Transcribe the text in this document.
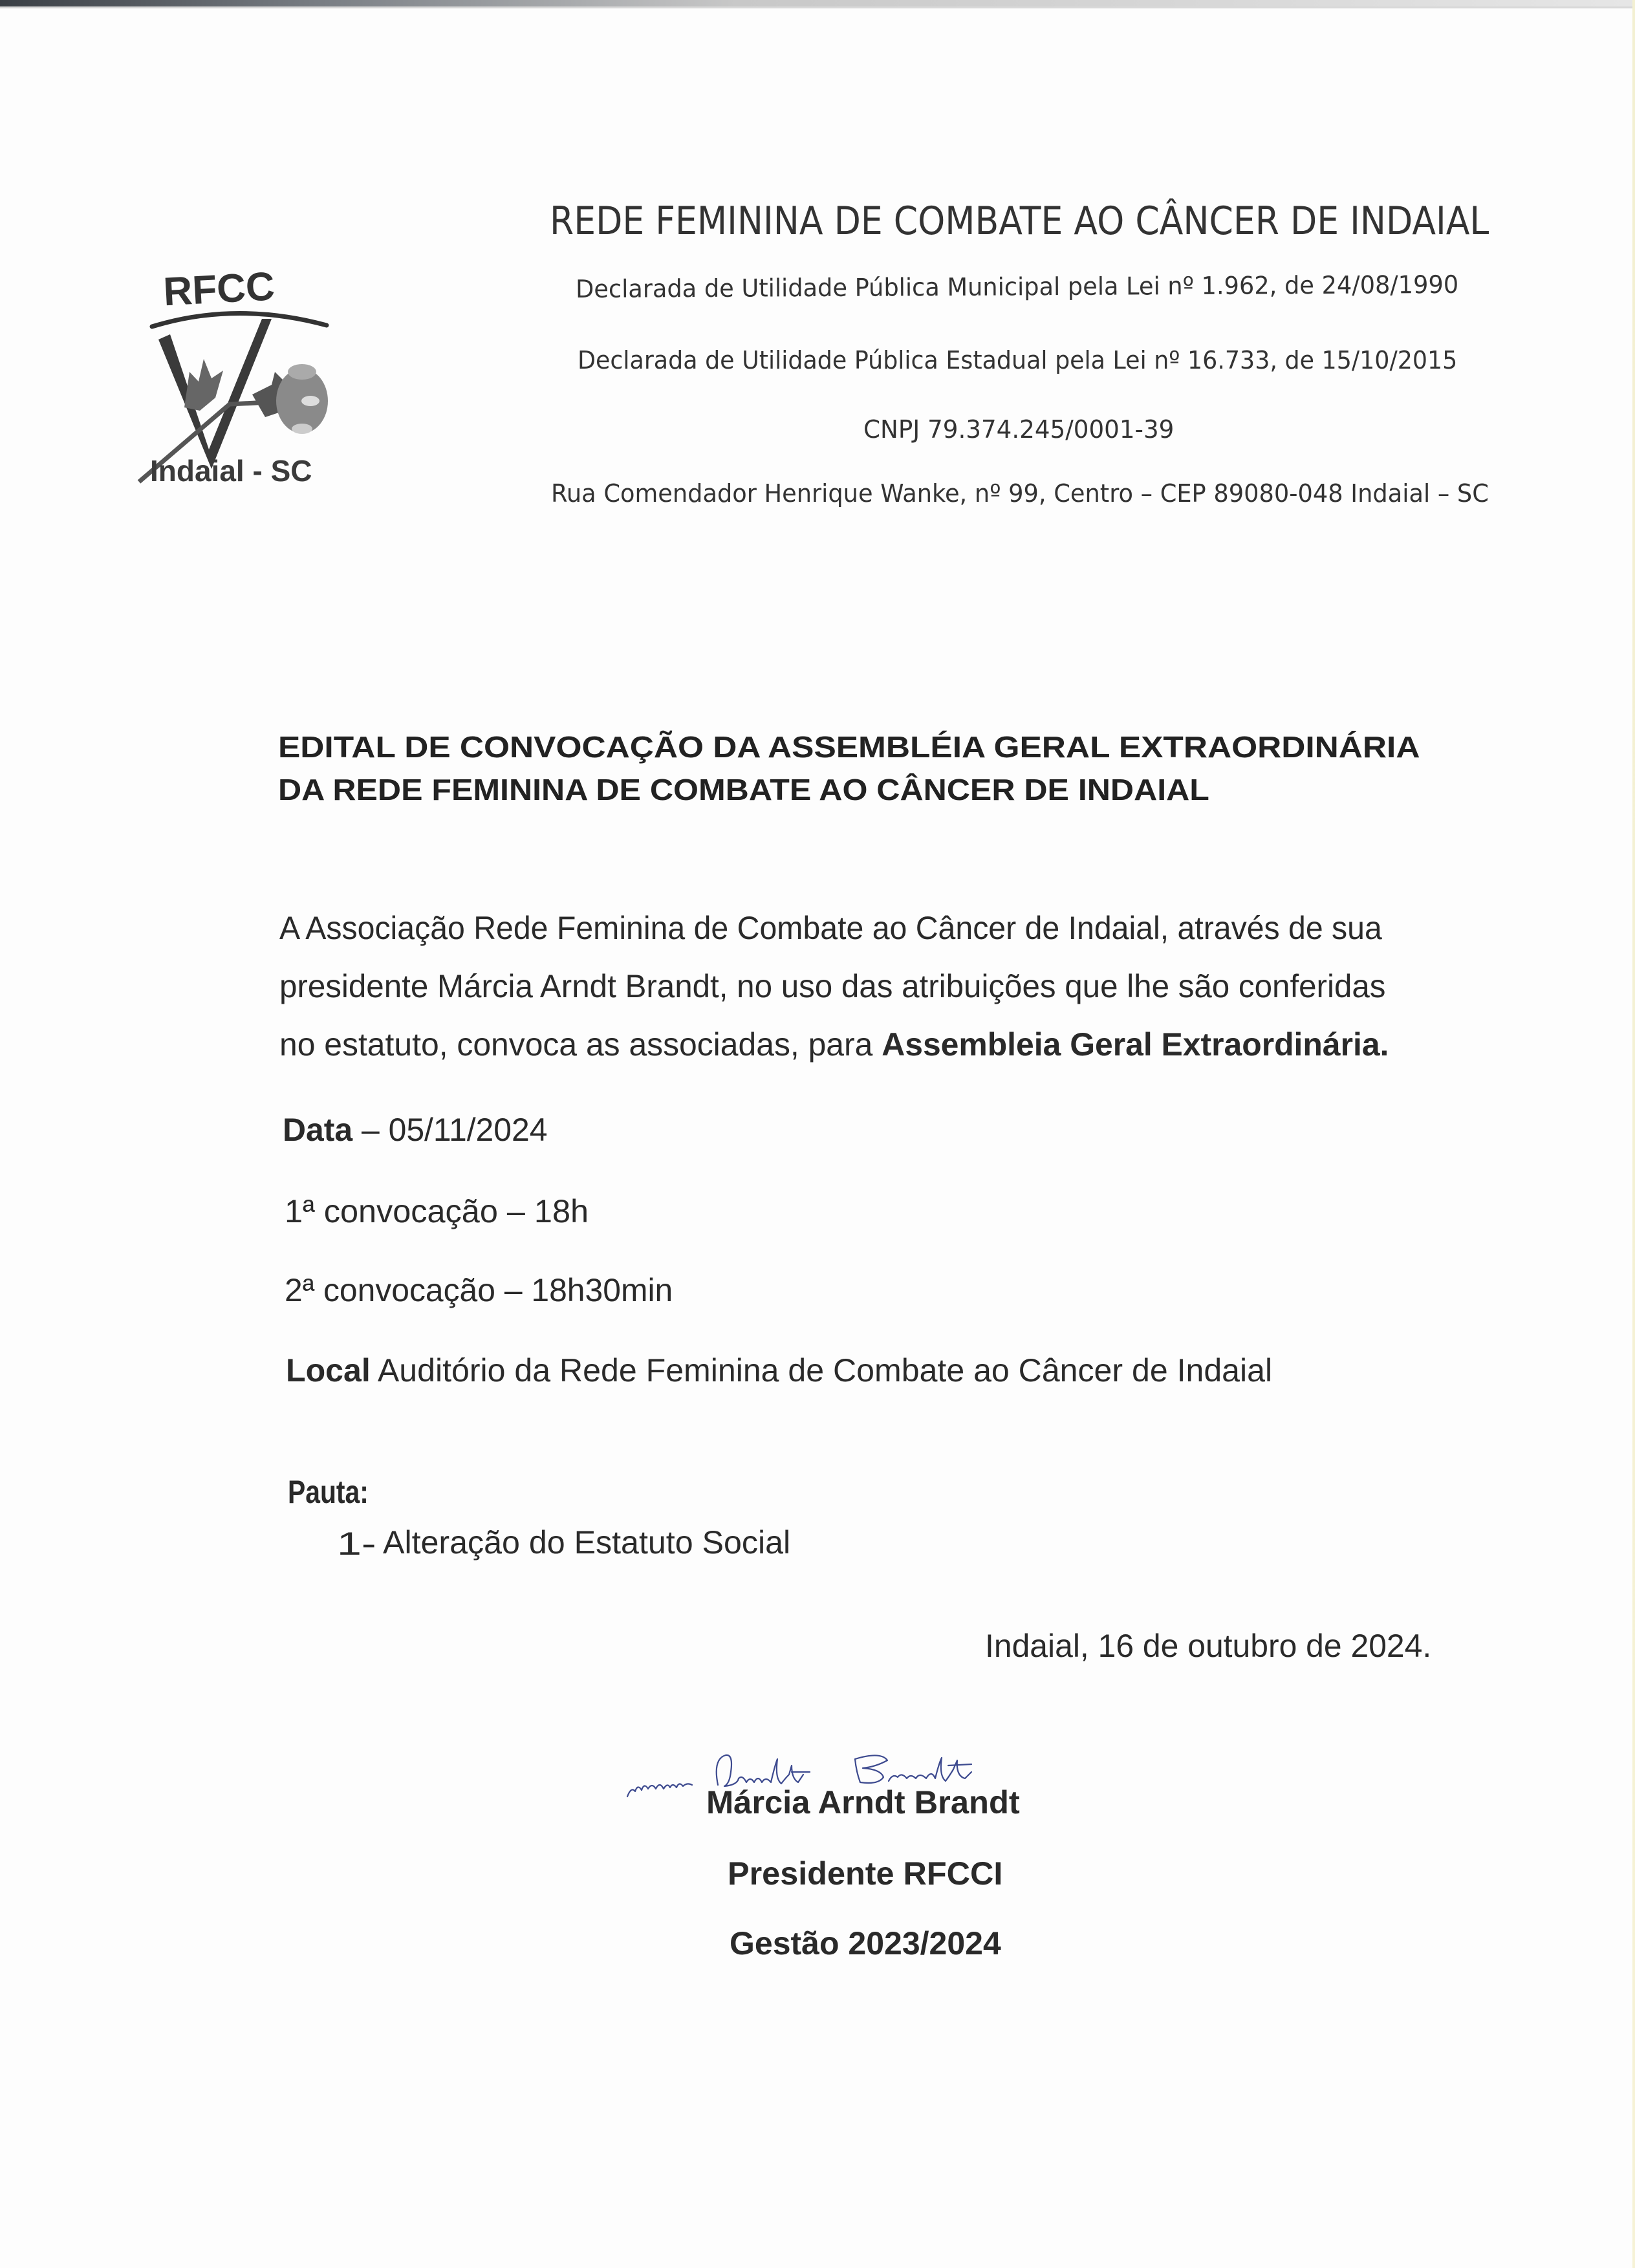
RFCC
Indaial - SC
REDE FEMININA DE COMBATE AO CÂNCER DE INDAIAL
Declarada de Utilidade Pública Municipal pela Lei nº 1.962, de 24/08/1990
Declarada de Utilidade Pública Estadual pela Lei nº 16.733, de 15/10/2015
CNPJ 79.374.245/0001-39
Rua Comendador Henrique Wanke, nº 99, Centro – CEP 89080-048 Indaial – SC
EDITAL DE CONVOCAÇÃO DA ASSEMBLÉIA GERAL EXTRAORDINÁRIA
DA REDE FEMININA DE COMBATE AO CÂNCER DE INDAIAL
A Associação Rede Feminina de Combate ao Câncer de Indaial, através de sua
presidente Márcia Arndt Brandt, no uso das atribuições que lhe são conferidas
no estatuto, convoca as associadas, para Assembleia Geral Extraordinária.
Data – 05/11/2024
1ª convocação – 18h
2ª convocação – 18h30min
Local Auditório da Rede Feminina de Combate ao Câncer de Indaial
Pauta:
1- Alteração do Estatuto Social
Indaial, 16 de outubro de 2024.
Márcia Arndt Brandt
Presidente RFCCI
Gestão 2023/2024
